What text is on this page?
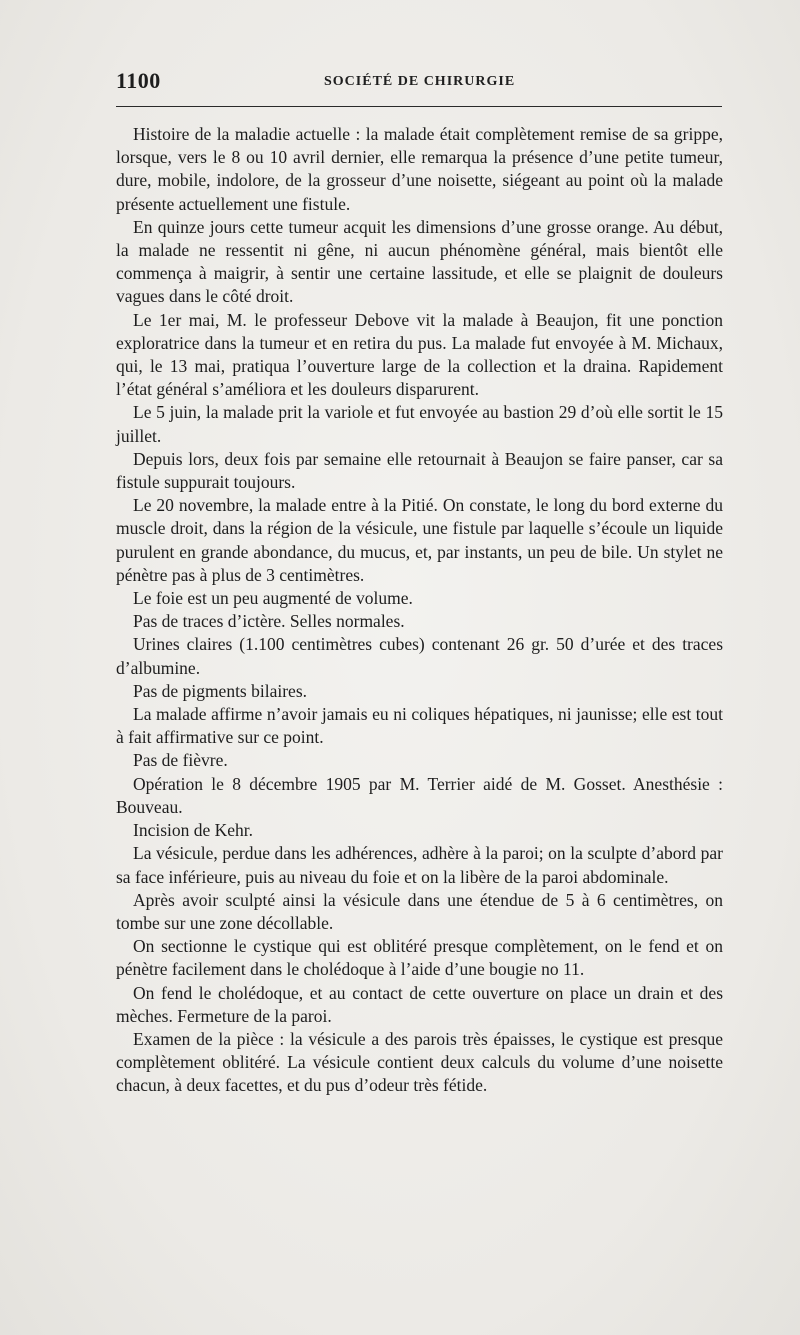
1100	SOCIÉTÉ DE CHIRURGIE

Histoire de la maladie actuelle : la malade était complètement remise de sa grippe, lorsque, vers le 8 ou 10 avril dernier, elle remarqua la présence d’une petite tumeur, dure, mobile, indolore, de la grosseur d’une noisette, siégeant au point où la malade présente actuellement une fistule.

En quinze jours cette tumeur acquit les dimensions d’une grosse orange. Au début, la malade ne ressentit ni gêne, ni aucun phénomène général, mais bientôt elle commença à maigrir, à sentir une certaine lassitude, et elle se plaignit de douleurs vagues dans le côté droit.

Le 1er mai, M. le professeur Debove vit la malade à Beaujon, fit une ponction exploratrice dans la tumeur et en retira du pus. La malade fut envoyée à M. Michaux, qui, le 13 mai, pratiqua l’ouverture large de la collection et la draina. Rapidement l’état général s’améliora et les douleurs disparurent.

Le 5 juin, la malade prit la variole et fut envoyée au bastion 29 d’où elle sortit le 15 juillet.

Depuis lors, deux fois par semaine elle retournait à Beaujon se faire panser, car sa fistule suppurait toujours.

Le 20 novembre, la malade entre à la Pitié. On constate, le long du bord externe du muscle droit, dans la région de la vésicule, une fistule par laquelle s’écoule un liquide purulent en grande abondance, du mucus, et, par instants, un peu de bile. Un stylet ne pénètre pas à plus de 3 centimètres.

Le foie est un peu augmenté de volume.

Pas de traces d’ictère. Selles normales.

Urines claires (1.100 centimètres cubes) contenant 26 gr. 50 d’urée et des traces d’albumine.

Pas de pigments bilaires.

La malade affirme n’avoir jamais eu ni coliques hépatiques, ni jaunisse; elle est tout à fait affirmative sur ce point.

Pas de fièvre.

Opération le 8 décembre 1905 par M. Terrier aidé de M. Gosset. Anesthésie : Bouveau.

Incision de Kehr.

La vésicule, perdue dans les adhérences, adhère à la paroi; on la sculpte d’abord par sa face inférieure, puis au niveau du foie et on la libère de la paroi abdominale.

Après avoir sculpté ainsi la vésicule dans une étendue de 5 à 6 centimètres, on tombe sur une zone décollable.

On sectionne le cystique qui est oblitéré presque complètement, on le fend et on pénètre facilement dans le cholédoque à l’aide d’une bougie no 11.

On fend le cholédoque, et au contact de cette ouverture on place un drain et des mèches. Fermeture de la paroi.

Examen de la pièce : la vésicule a des parois très épaisses, le cystique est presque complètement oblitéré. La vésicule contient deux calculs du volume d’une noisette chacun, à deux facettes, et du pus d’odeur très fétide.
